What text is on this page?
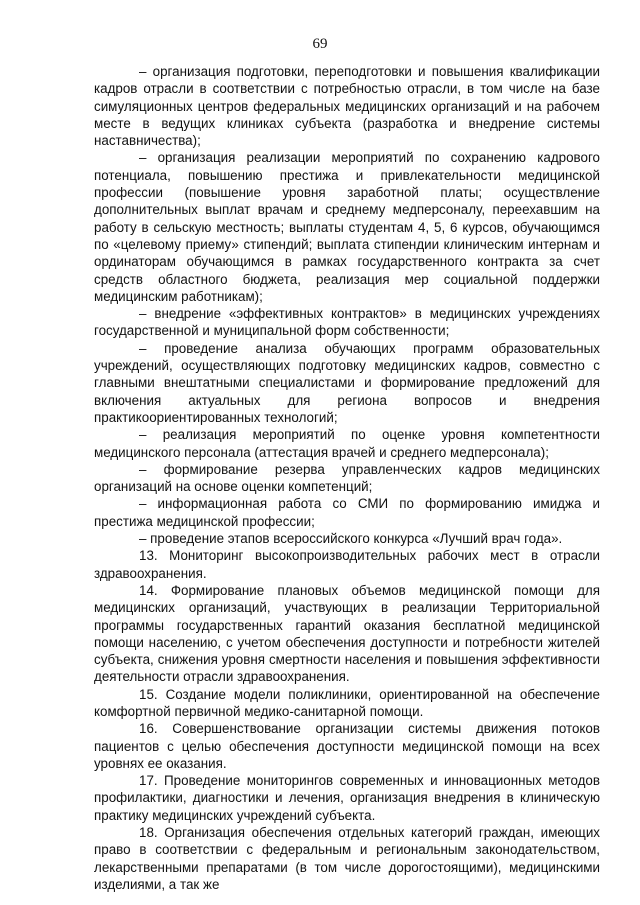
69

– организация подготовки, переподготовки и повышения квалификации кадров отрасли в соответствии с потребностью отрасли, в том числе на базе симуляционных центров федеральных медицинских организаций и на рабочем месте в ведущих клиниках субъекта (разработка и внедрение системы наставничества);

– организация реализации мероприятий по сохранению кадрового потенциала, повышению престижа и привлекательности медицинской профессии (повышение уровня заработной платы; осуществление дополнительных выплат врачам и среднему медперсоналу, переехавшим на работу в сельскую местность; выплаты студентам 4, 5, 6 курсов, обучающимся по «целевому приему» стипендий; выплата стипендии клиническим интернам и ординаторам обучающимся в рамках государственного контракта за счет средств областного бюджета, реализация мер социальной поддержки медицинским работникам);

– внедрение «эффективных контрактов» в медицинских учреждениях государственной и муниципальной форм собственности;

– проведение анализа обучающих программ образовательных учреждений, осуществляющих подготовку медицинских кадров, совместно с главными внештатными специалистами и формирование предложений для включения актуальных для региона вопросов и внедрения практикоориентированных технологий;

– реализация мероприятий по оценке уровня компетентности медицинского персонала (аттестация врачей и среднего медперсонала);

– формирование резерва управленческих кадров медицинских организаций на основе оценки компетенций;

– информационная работа со СМИ по формированию имиджа и престижа медицинской профессии;

– проведение этапов всероссийского конкурса «Лучший врач года».

13. Мониторинг высокопроизводительных рабочих мест в отрасли здравоохранения.

14. Формирование плановых объемов медицинской помощи для медицинских организаций, участвующих в реализации Территориальной программы государственных гарантий оказания бесплатной медицинской помощи населению, с учетом обеспечения доступности и потребности жителей субъекта, снижения уровня смертности населения и повышения эффективности деятельности отрасли здравоохранения.

15. Создание модели поликлиники, ориентированной на обеспечение комфортной первичной медико-санитарной помощи.

16. Совершенствование организации системы движения потоков пациентов с целью обеспечения доступности медицинской помощи на всех уровнях ее оказания.

17. Проведение мониторингов современных и инновационных методов профилактики, диагностики и лечения, организация внедрения в клиническую практику медицинских учреждений субъекта.

18. Организация обеспечения отдельных категорий граждан, имеющих право в соответствии с федеральным и региональным законодательством, лекарственными препаратами (в том числе дорогостоящими), медицинскими изделиями, а так же
